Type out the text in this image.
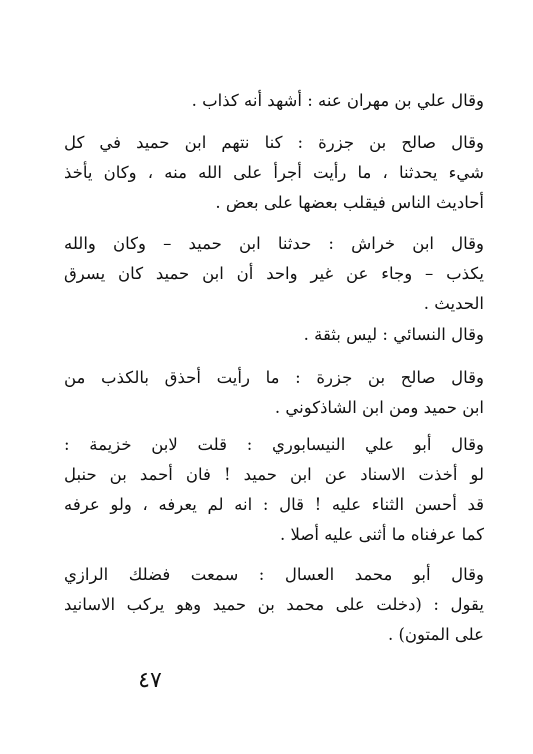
وقال علي بن مهران عنه : أشهد أنه كذاب .
وقال صالح بن جزرة : كنا نتهم ابن حميد في كل
شيء يحدثنا ، ما رأيت أجرأ على الله منه ، وكان يأخذ
أحاديث الناس فيقلب بعضها على بعض .
وقال ابن خراش : حدثنا ابن حميد – وكان والله
يكذب – وجاء عن غير واحد أن ابن حميد كان يسرق
الحديث .
وقال النسائي : ليس بثقة .
وقال صالح بن جزرة : ما رأيت أحذق بالكذب من
ابن حميد ومن ابن الشاذكوني .
وقال أبو علي النيسابوري : قلت لابن خزيمة :
لو أخذت الاسناد عن ابن حميد ! فان أحمد بن حنبل
قد أحسن الثناء عليه ! قال : انه لم يعرفه ، ولو عرفه
كما عرفناه ما أثنى عليه أصلا .
وقال أبو محمد العسال : سمعت فضلك الرازي
يقول : (دخلت على محمد بن حميد وهو يركب الاسانيد
على المتون) .
٤٧
